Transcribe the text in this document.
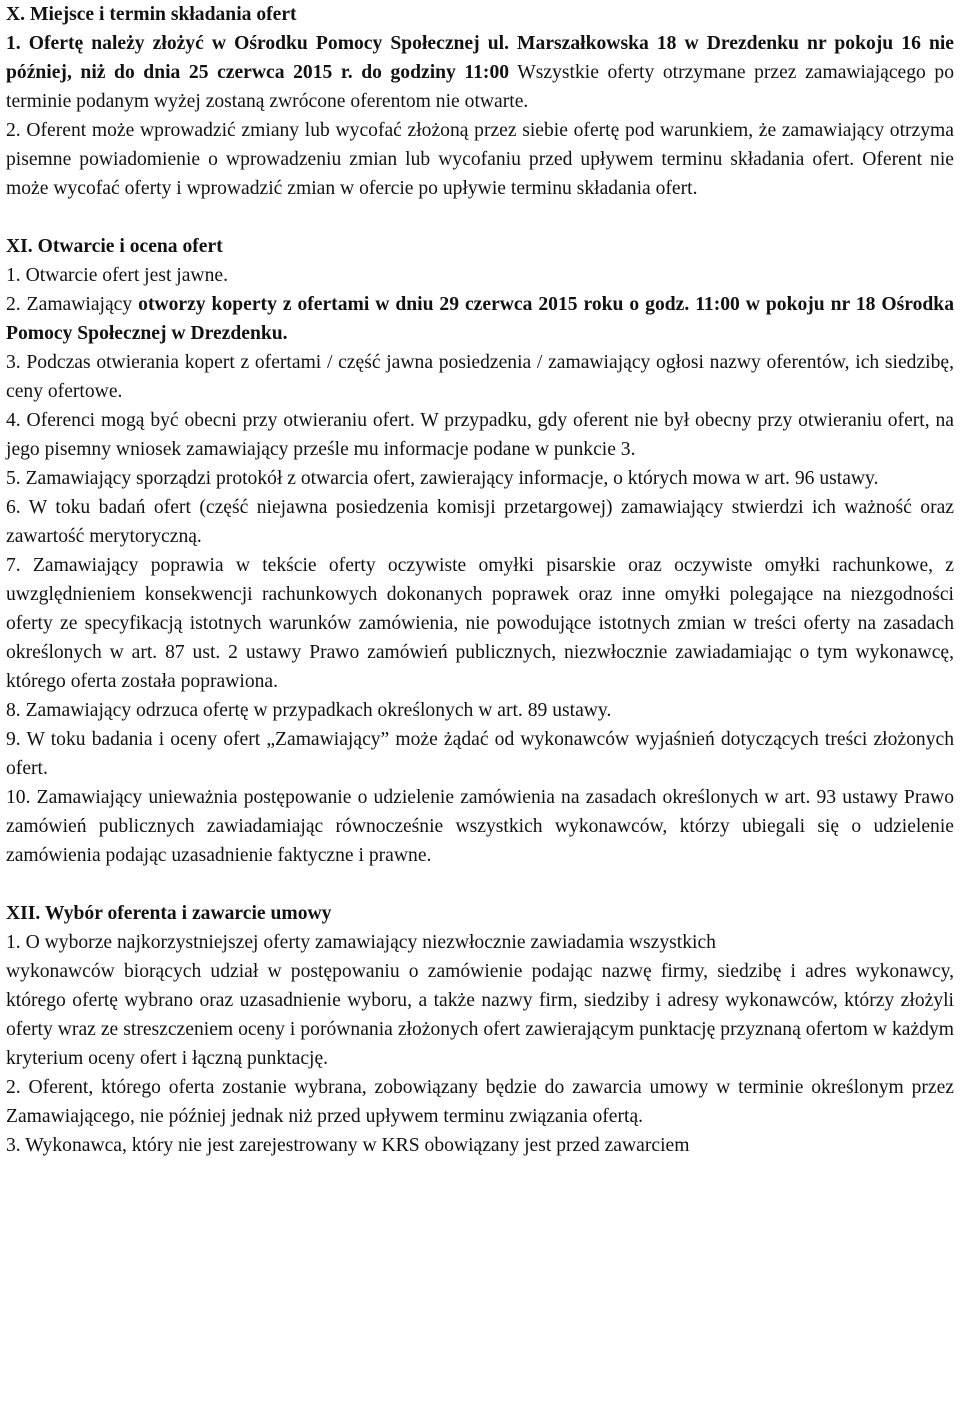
X. Miejsce i termin składania ofert
1. Ofertę należy złożyć w Ośrodku Pomocy Społecznej ul. Marszałkowska 18 w Drezdenku nr pokoju 16 nie później, niż do dnia 25 czerwca 2015 r. do godziny 11:00 Wszystkie oferty otrzymane przez zamawiającego po terminie podanym wyżej zostaną zwrócone oferentom nie otwarte.
2. Oferent może wprowadzić zmiany lub wycofać złożoną przez siebie ofertę pod warunkiem, że zamawiający otrzyma pisemne powiadomienie o wprowadzeniu zmian lub wycofaniu przed upływem terminu składania ofert. Oferent nie może wycofać oferty i wprowadzić zmian w ofercie po upływie terminu składania ofert.
XI. Otwarcie i ocena ofert
1. Otwarcie ofert jest jawne.
2. Zamawiający otworzy koperty z ofertami w dniu 29 czerwca 2015 roku o godz. 11:00 w pokoju nr 18 Ośrodka Pomocy Społecznej w Drezdenku.
3. Podczas otwierania kopert z ofertami / część jawna posiedzenia / zamawiający ogłosi nazwy oferentów, ich siedzibę, ceny ofertowe.
4. Oferenci mogą być obecni przy otwieraniu ofert. W przypadku, gdy oferent nie był obecny przy otwieraniu ofert, na jego pisemny wniosek zamawiający prześle mu informacje podane w punkcie 3.
5. Zamawiający sporządzi protokół z otwarcia ofert, zawierający informacje, o których mowa w art. 96 ustawy.
6. W toku badań ofert (część niejawna posiedzenia komisji przetargowej) zamawiający stwierdzi ich ważność oraz zawartość merytoryczną.
7. Zamawiający poprawia w tekście oferty oczywiste omyłki pisarskie oraz oczywiste omyłki rachunkowe, z uwzględnieniem konsekwencji rachunkowych dokonanych poprawek oraz inne omyłki polegające na niezgodności oferty ze specyfikacją istotnych warunków zamówienia, nie powodujące istotnych zmian w treści oferty na zasadach określonych w art. 87 ust. 2 ustawy Prawo zamówień publicznych, niezwłocznie zawiadamiając o tym wykonawcę, którego oferta została poprawiona.
8. Zamawiający odrzuca ofertę w przypadkach określonych w art. 89 ustawy.
9. W toku badania i oceny ofert „Zamawiający” może żądać od wykonawców wyjaśnień dotyczących treści złożonych ofert.
10. Zamawiający unieważnia postępowanie o udzielenie zamówienia na zasadach określonych w art. 93 ustawy Prawo zamówień publicznych zawiadamiając równocześnie wszystkich wykonawców, którzy ubiegali się o udzielenie zamówienia podając uzasadnienie faktyczne i prawne.
XII. Wybór oferenta i zawarcie umowy
1. O wyborze najkorzystniejszej oferty zamawiający niezwłocznie zawiadamia wszystkich
wykonawców biorących udział w postępowaniu o zamówienie podając nazwę firmy, siedzibę i adres wykonawcy, którego ofertę wybrano oraz uzasadnienie wyboru, a także nazwy firm, siedziby i adresy wykonawców, którzy złożyli oferty wraz ze streszczeniem oceny i porównania złożonych ofert zawierającym punktację przyznaną ofertom w każdym kryterium oceny ofert i łączną punktację.
2. Oferent, którego oferta zostanie wybrana, zobowiązany będzie do zawarcia umowy w terminie określonym przez Zamawiającego, nie później jednak niż przed upływem terminu związania ofertą.
3. Wykonawca, który nie jest zarejestrowany w KRS obowiązany jest przed zawarciem
